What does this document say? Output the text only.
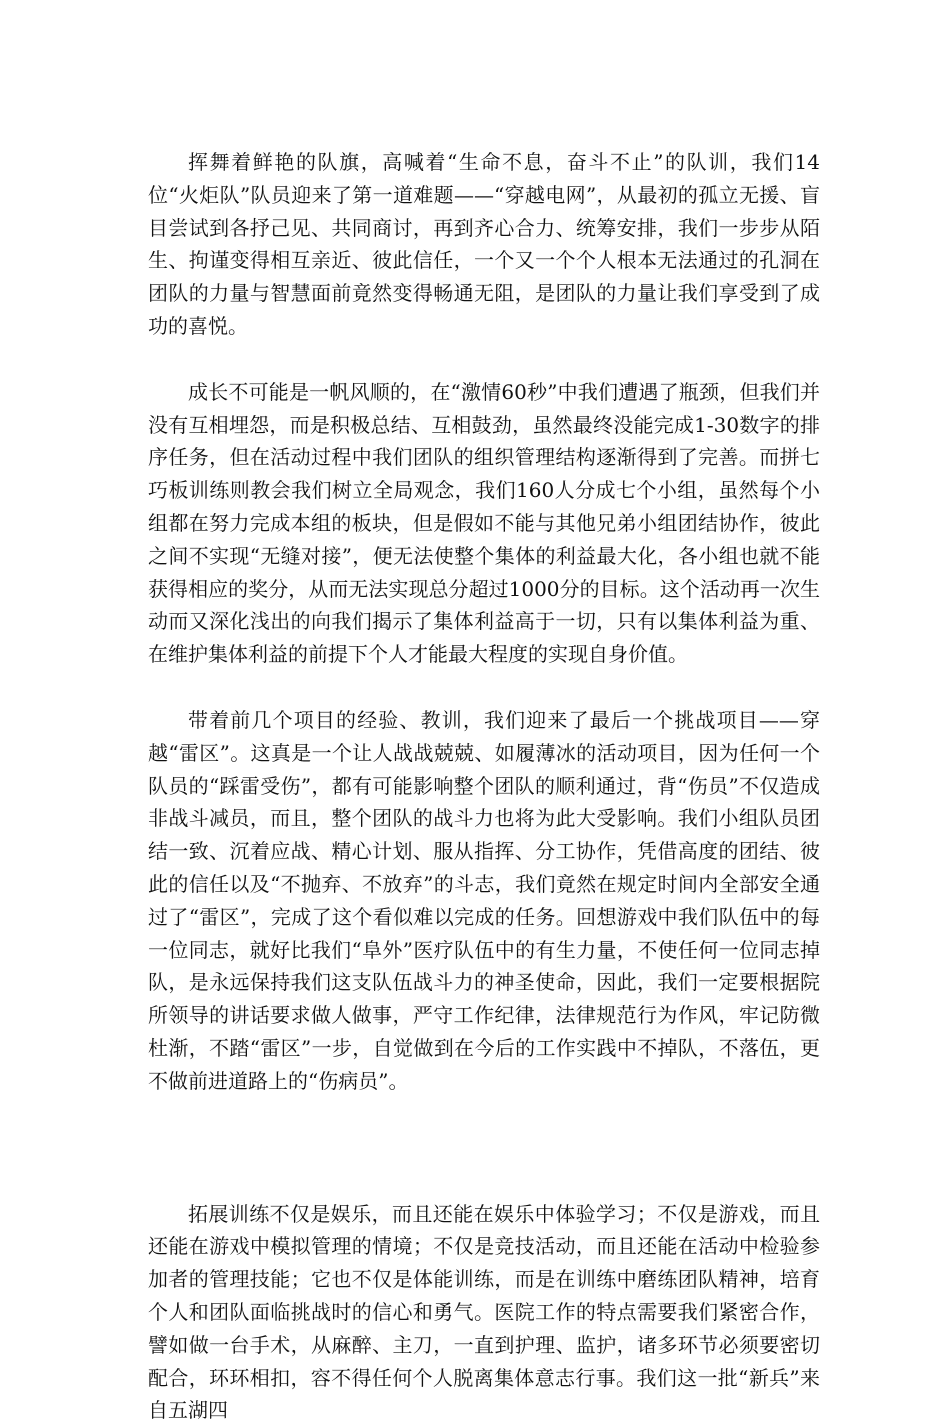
挥舞着鲜艳的队旗，高喊着“生命不息，奋斗不止”的队训，我们14位“火炬队”队员迎来了第一道难题——“穿越电网”，从最初的孤立无援、盲目尝试到各抒己见、共同商讨，再到齐心合力、统筹安排，我们一步步从陌生、拘谨变得相互亲近、彼此信任，一个又一个个人根本无法通过的孔洞在团队的力量与智慧面前竟然变得畅通无阻，是团队的力量让我们享受到了成功的喜悦。

成长不可能是一帆风顺的，在“激情60秒”中我们遭遇了瓶颈，但我们并没有互相埋怨，而是积极总结、互相鼓劲，虽然最终没能完成1-30数字的排序任务，但在活动过程中我们团队的组织管理结构逐渐得到了完善。而拼七巧板训练则教会我们树立全局观念，我们160人分成七个小组，虽然每个小组都在努力完成本组的板块，但是假如不能与其他兄弟小组团结协作，彼此之间不实现“无缝对接”，便无法使整个集体的利益最大化，各小组也就不能获得相应的奖分，从而无法实现总分超过1000分的目标。这个活动再一次生动而又深化浅出的向我们揭示了集体利益高于一切，只有以集体利益为重、在维护集体利益的前提下个人才能最大程度的实现自身价值。

带着前几个项目的经验、教训，我们迎来了最后一个挑战项目——穿越“雷区”。这真是一个让人战战兢兢、如履薄冰的活动项目，因为任何一个队员的“踩雷受伤”，都有可能影响整个团队的顺利通过，背“伤员”不仅造成非战斗减员，而且，整个团队的战斗力也将为此大受影响。我们小组队员团结一致、沉着应战、精心计划、服从指挥、分工协作，凭借高度的团结、彼此的信任以及“不抛弃、不放弃”的斗志，我们竟然在规定时间内全部安全通过了“雷区”，完成了这个看似难以完成的任务。回想游戏中我们队伍中的每一位同志，就好比我们“阜外”医疗队伍中的有生力量，不使任何一位同志掉队，是永远保持我们这支队伍战斗力的神圣使命，因此，我们一定要根据院所领导的讲话要求做人做事，严守工作纪律，法律规范行为作风，牢记防微杜渐，不踏“雷区”一步，自觉做到在今后的工作实践中不掉队，不落伍，更不做前进道路上的“伤病员”。

拓展训练不仅是娱乐，而且还能在娱乐中体验学习；不仅是游戏，而且还能在游戏中模拟管理的情境；不仅是竞技活动，而且还能在活动中检验参加者的管理技能；它也不仅是体能训练，而是在训练中磨练团队精神，培育个人和团队面临挑战时的信心和勇气。医院工作的特点需要我们紧密合作，譬如做一台手术，从麻醉、主刀，一直到护理、监护，诸多环节必须要密切配合，环环相扣，容不得任何个人脱离集体意志行事。我们这一批“新兵”来自五湖四
